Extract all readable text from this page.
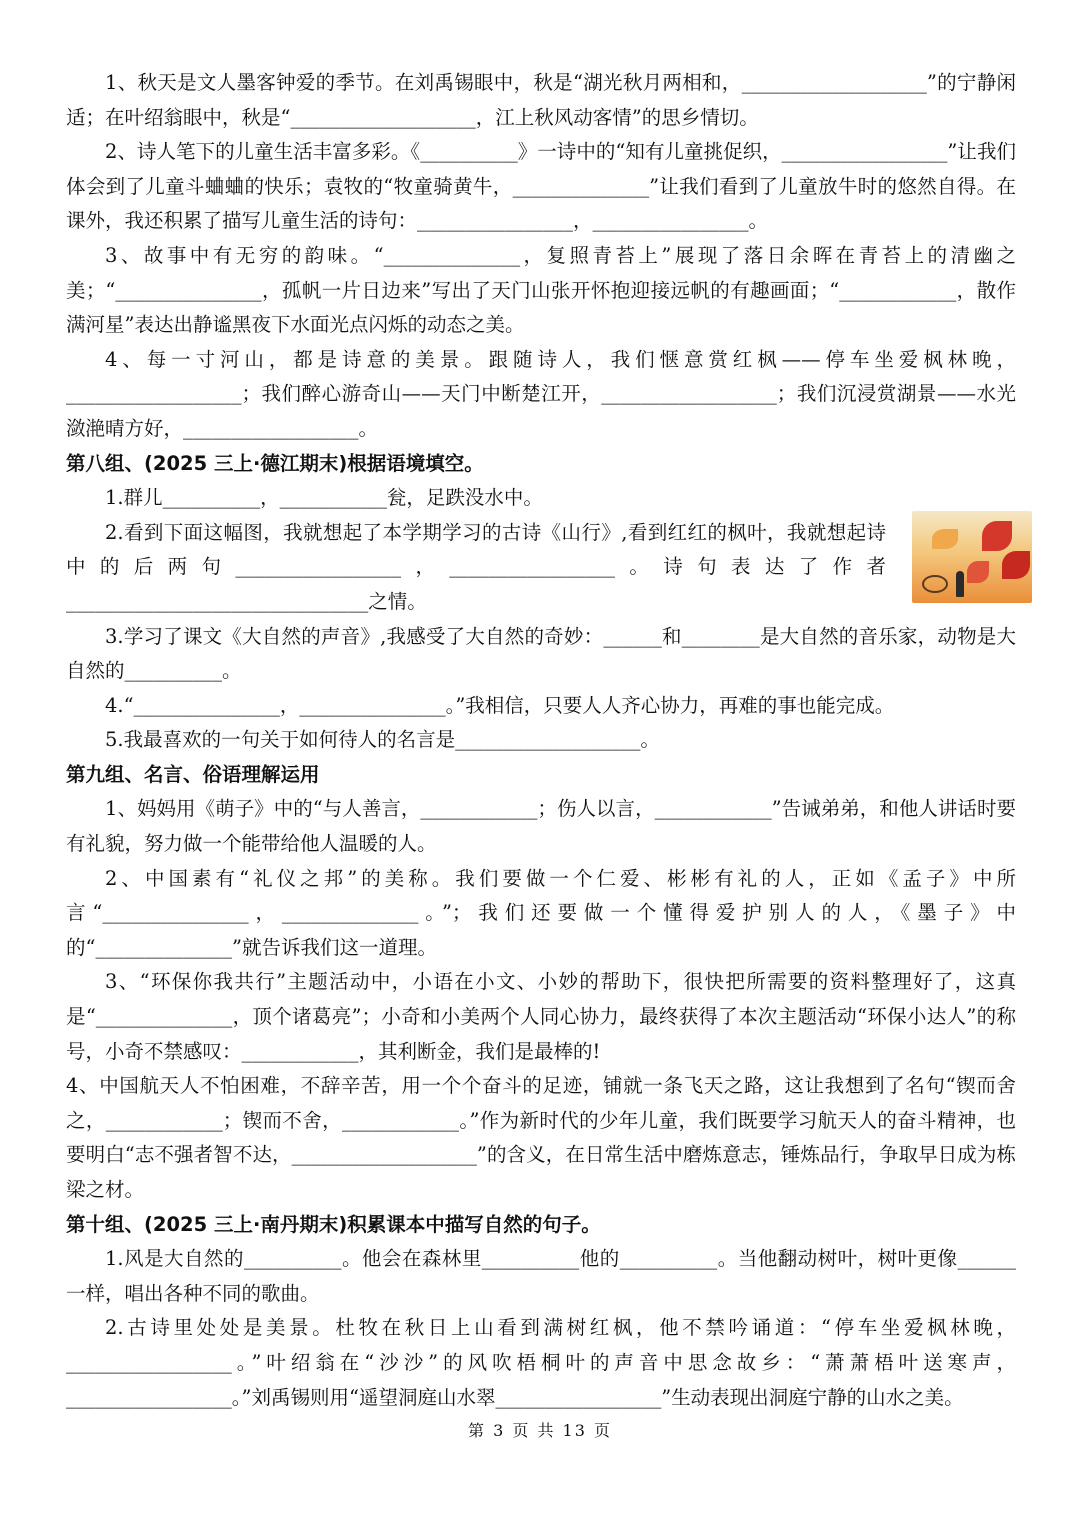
1、秋天是文人墨客钟爱的季节。在刘禹锡眼中，秋是“湖光秋月两相和，___________________”的宁静闲适；在叶绍翁眼中，秋是“___________________，江上秋风动客情”的思乡情切。

2、诗人笔下的儿童生活丰富多彩。《__________》一诗中的“知有儿童挑促织，_________________”让我们体会到了儿童斗蛐蛐的快乐；袁牧的“牧童骑黄牛，______________”让我们看到了儿童放牛时的悠然自得。在课外，我还积累了描写儿童生活的诗句：________________，________________。

3、故事中有无穷的韵味。“______________，复照青苔上”展现了落日余晖在青苔上的清幽之美；“_______________，孤帆一片日边来”写出了天门山张开怀抱迎接远帆的有趣画面；“____________，散作满河星”表达出静谧黑夜下水面光点闪烁的动态之美。

4、每一寸河山，都是诗意的美景。跟随诗人，我们惬意赏红枫——停车坐爱枫林晚，__________________；我们醉心游奇山——天门中断楚江开，__________________；我们沉浸赏湖景——水光潋滟晴方好，__________________。

第八组、(2025 三上·德江期末)根据语境填空。

1.群儿__________，___________瓮，足跌没水中。

2.看到下面这幅图，我就想起了本学期学习的古诗《山行》,看到红红的枫叶，我就想起诗中的后两句_________________，_________________。诗句表达了作者_______________________________之情。

3.学习了课文《大自然的声音》,我感受了大自然的奇妙：______和________是大自然的音乐家，动物是大自然的__________。

4.“_______________，_______________。”我相信，只要人人齐心协力，再难的事也能完成。

5.我最喜欢的一句关于如何待人的名言是___________________。

第九组、名言、俗语理解运用

1、妈妈用《萌子》中的“与人善言，____________；伤人以言，____________”告诫弟弟，和他人讲话时要有礼貌，努力做一个能带给他人温暖的人。

2、中国素有“礼仪之邦”的美称。我们要做一个仁爱、彬彬有礼的人，正如《孟子》中所言“_______________，______________。”；我们还要做一个懂得爱护别人的人，《墨子》中的“______________”就告诉我们这一道理。

3、“环保你我共行”主题活动中，小语在小文、小妙的帮助下，很快把所需要的资料整理好了，这真是“______________，顶个诸葛亮”；小奇和小美两个人同心协力，最终获得了本次主题活动“环保小达人”的称号，小奇不禁感叹：____________，其利断金，我们是最棒的!

4、中国航天人不怕困难，不辞辛苦，用一个个奋斗的足迹，铺就一条飞天之路，这让我想到了名句“锲而舍之，____________；锲而不舍，____________。”作为新时代的少年儿童，我们既要学习航天人的奋斗精神，也要明白“志不强者智不达，___________________”的含义，在日常生活中磨炼意志，锤炼品行，争取早日成为栋梁之材。

第十组、(2025 三上·南丹期末)积累课本中描写自然的句子。

1.风是大自然的__________。他会在森林里__________他的__________。当他翻动树叶，树叶更像______一样，唱出各种不同的歌曲。

2.古诗里处处是美景。杜牧在秋日上山看到满树红枫，他不禁吟诵道：“停车坐爱枫林晚，_________________。”叶绍翁在“沙沙”的风吹梧桐叶的声音中思念故乡：“萧萧梧叶送寒声，_________________。”刘禹锡则用“遥望洞庭山水翠_________________”生动表现出洞庭宁静的山水之美。

第 3 页 共 13 页
